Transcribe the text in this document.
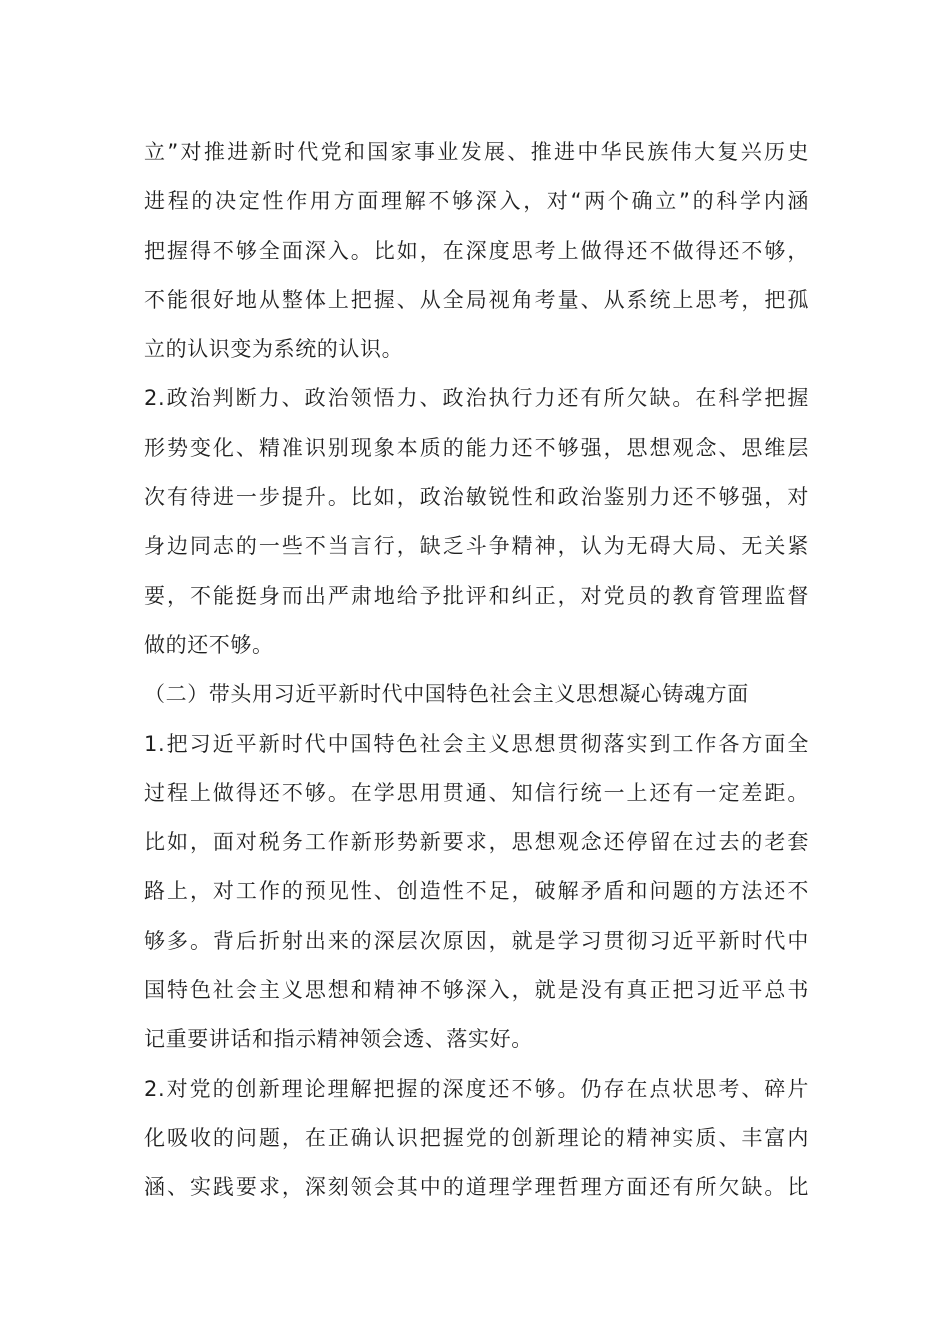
立”对推进新时代党和国家事业发展、推进中华民族伟大复兴历史
进程的决定性作用方面理解不够深入，对“两个确立”的科学内涵
把握得不够全面深入。比如，在深度思考上做得还不做得还不够，
不能很好地从整体上把握、从全局视角考量、从系统上思考，把孤
立的认识变为系统的认识。
2.政治判断力、政治领悟力、政治执行力还有所欠缺。在科学把握
形势变化、精准识别现象本质的能力还不够强，思想观念、思维层
次有待进一步提升。比如，政治敏锐性和政治鉴别力还不够强，对
身边同志的一些不当言行，缺乏斗争精神，认为无碍大局、无关紧
要，不能挺身而出严肃地给予批评和纠正，对党员的教育管理监督
做的还不够。
（二）带头用习近平新时代中国特色社会主义思想凝心铸魂方面
1.把习近平新时代中国特色社会主义思想贯彻落实到工作各方面全
过程上做得还不够。在学思用贯通、知信行统一上还有一定差距。
比如，面对税务工作新形势新要求，思想观念还停留在过去的老套
路上，对工作的预见性、创造性不足，破解矛盾和问题的方法还不
够多。背后折射出来的深层次原因，就是学习贯彻习近平新时代中
国特色社会主义思想和精神不够深入，就是没有真正把习近平总书
记重要讲话和指示精神领会透、落实好。
2.对党的创新理论理解把握的深度还不够。仍存在点状思考、碎片
化吸收的问题，在正确认识把握党的创新理论的精神实质、丰富内
涵、实践要求，深刻领会其中的道理学理哲理方面还有所欠缺。比
